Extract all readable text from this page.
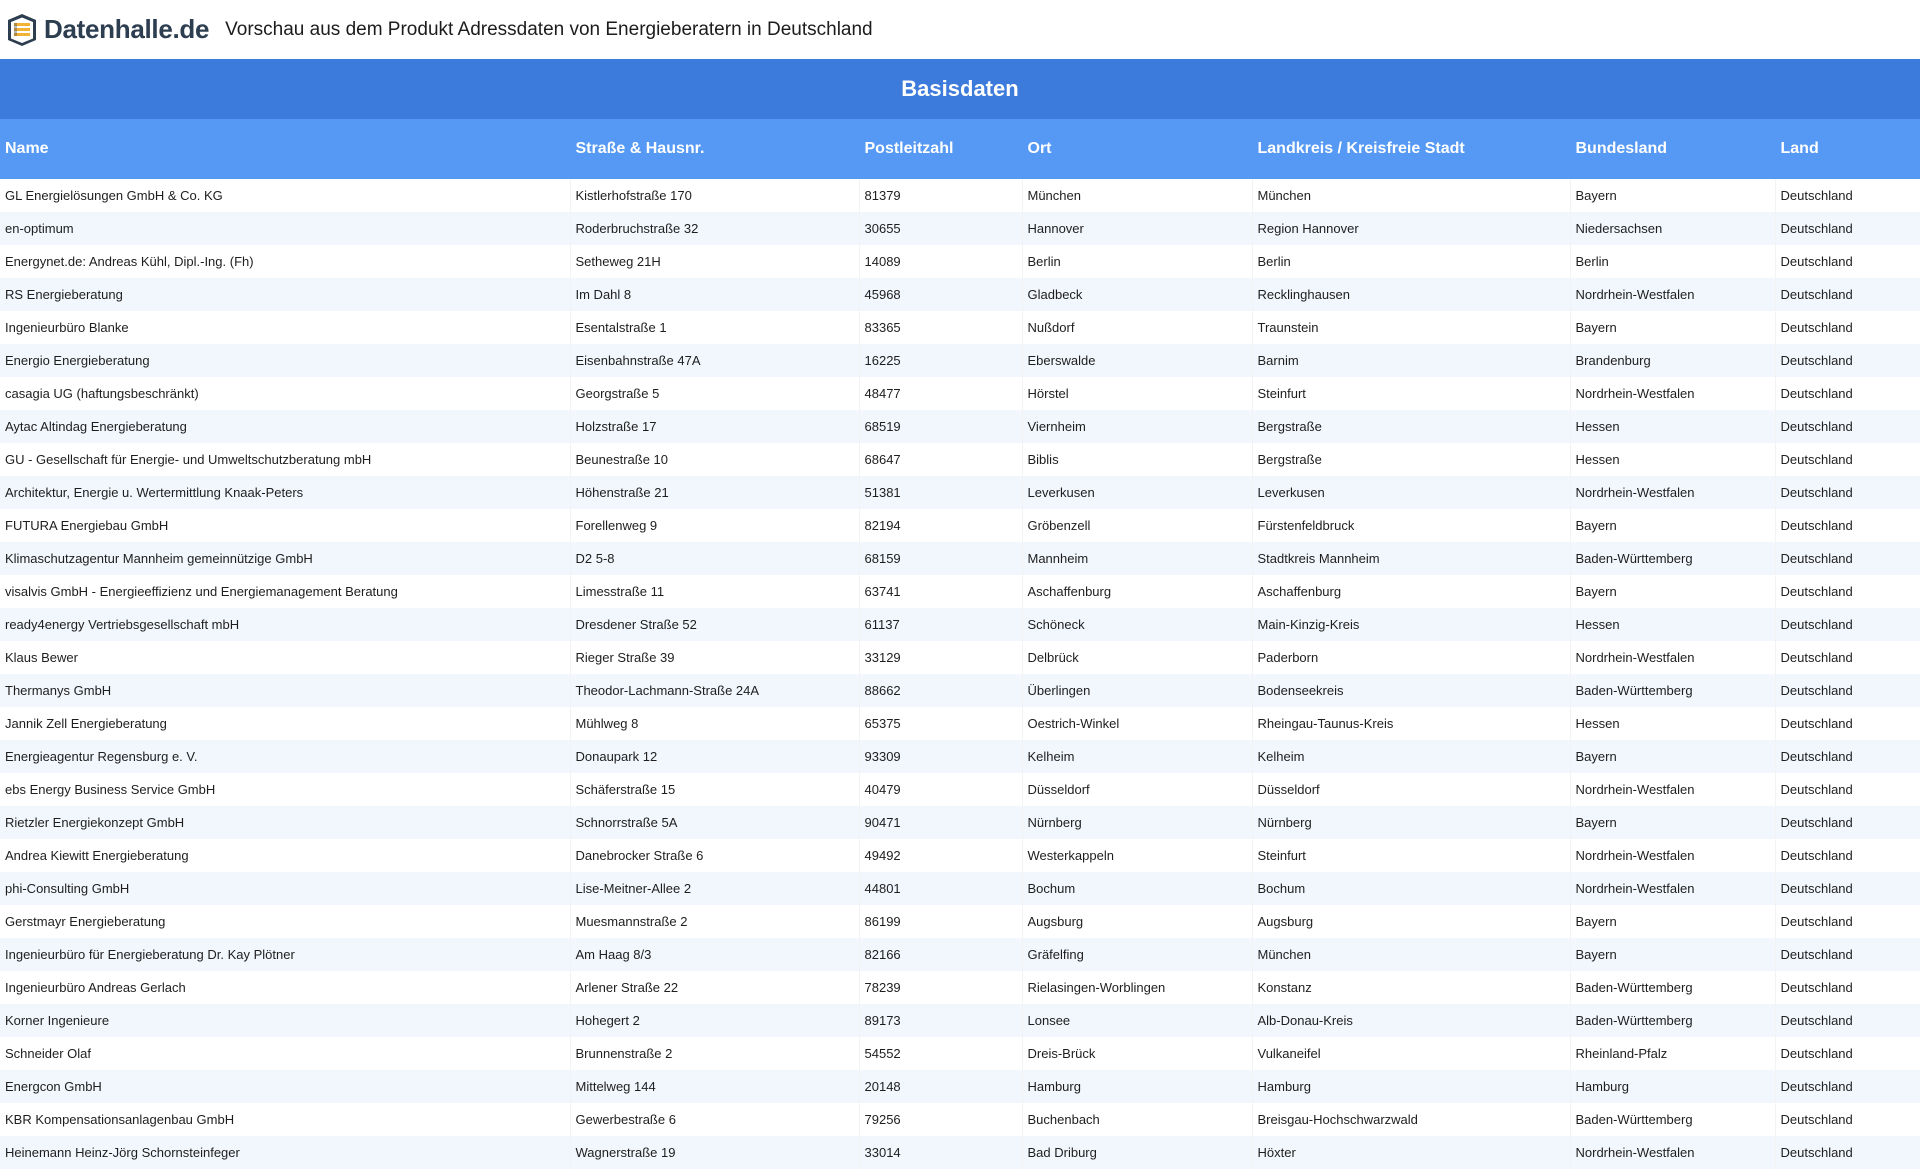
Datenhalle.de Vorschau aus dem Produkt Adressdaten von Energieberatern in Deutschland
Basisdaten
Name	Straße & Hausnr.	Postleitzahl	Ort	Landkreis / Kreisfreie Stadt	Bundesland	Land
GL Energielösungen GmbH & Co. KG	Kistlerhofstraße 170	81379	München	München	Bayern	Deutschland
en-optimum	Roderbruchstraße 32	30655	Hannover	Region Hannover	Niedersachsen	Deutschland
Energynet.de: Andreas Kühl, Dipl.-Ing. (Fh)	Setheweg 21H	14089	Berlin	Berlin	Berlin	Deutschland
RS Energieberatung	Im Dahl 8	45968	Gladbeck	Recklinghausen	Nordrhein-Westfalen	Deutschland
Ingenieurbüro Blanke	Esentalstraße 1	83365	Nußdorf	Traunstein	Bayern	Deutschland
Energio Energieberatung	Eisenbahnstraße 47A	16225	Eberswalde	Barnim	Brandenburg	Deutschland
casagia UG (haftungsbeschränkt)	Georgstraße 5	48477	Hörstel	Steinfurt	Nordrhein-Westfalen	Deutschland
Aytac Altindag Energieberatung	Holzstraße 17	68519	Viernheim	Bergstraße	Hessen	Deutschland
GU - Gesellschaft für Energie- und Umweltschutzberatung mbH	Beunestraße 10	68647	Biblis	Bergstraße	Hessen	Deutschland
Architektur, Energie u. Wertermittlung Knaak-Peters	Höhenstraße 21	51381	Leverkusen	Leverkusen	Nordrhein-Westfalen	Deutschland
FUTURA Energiebau GmbH	Forellenweg 9	82194	Gröbenzell	Fürstenfeldbruck	Bayern	Deutschland
Klimaschutzagentur Mannheim gemeinnützige GmbH	D2 5-8	68159	Mannheim	Stadtkreis Mannheim	Baden-Württemberg	Deutschland
visalvis GmbH - Energieeffizienz und Energiemanagement Beratung	Limesstraße 11	63741	Aschaffenburg	Aschaffenburg	Bayern	Deutschland
ready4energy Vertriebsgesellschaft mbH	Dresdener Straße 52	61137	Schöneck	Main-Kinzig-Kreis	Hessen	Deutschland
Klaus Bewer	Rieger Straße 39	33129	Delbrück	Paderborn	Nordrhein-Westfalen	Deutschland
Thermanys GmbH	Theodor-Lachmann-Straße 24A	88662	Überlingen	Bodenseekreis	Baden-Württemberg	Deutschland
Jannik Zell Energieberatung	Mühlweg 8	65375	Oestrich-Winkel	Rheingau-Taunus-Kreis	Hessen	Deutschland
Energieagentur Regensburg e. V.	Donaupark 12	93309	Kelheim	Kelheim	Bayern	Deutschland
ebs Energy Business Service GmbH	Schäferstraße 15	40479	Düsseldorf	Düsseldorf	Nordrhein-Westfalen	Deutschland
Rietzler Energiekonzept GmbH	Schnorrstraße 5A	90471	Nürnberg	Nürnberg	Bayern	Deutschland
Andrea Kiewitt Energieberatung	Danebrocker Straße 6	49492	Westerkappeln	Steinfurt	Nordrhein-Westfalen	Deutschland
phi-Consulting GmbH	Lise-Meitner-Allee 2	44801	Bochum	Bochum	Nordrhein-Westfalen	Deutschland
Gerstmayr Energieberatung	Muesmannstraße 2	86199	Augsburg	Augsburg	Bayern	Deutschland
Ingenieurbüro für Energieberatung Dr. Kay Plötner	Am Haag 8/3	82166	Gräfelfing	München	Bayern	Deutschland
Ingenieurbüro Andreas Gerlach	Arlener Straße 22	78239	Rielasingen-Worblingen	Konstanz	Baden-Württemberg	Deutschland
Korner Ingenieure	Hohegert 2	89173	Lonsee	Alb-Donau-Kreis	Baden-Württemberg	Deutschland
Schneider Olaf	Brunnenstraße 2	54552	Dreis-Brück	Vulkaneifel	Rheinland-Pfalz	Deutschland
Energcon GmbH	Mittelweg 144	20148	Hamburg	Hamburg	Hamburg	Deutschland
KBR Kompensationsanlagenbau GmbH	Gewerbestraße 6	79256	Buchenbach	Breisgau-Hochschwarzwald	Baden-Württemberg	Deutschland
Heinemann Heinz-Jörg Schornsteinfeger	Wagnerstraße 19	33014	Bad Driburg	Höxter	Nordrhein-Westfalen	Deutschland
